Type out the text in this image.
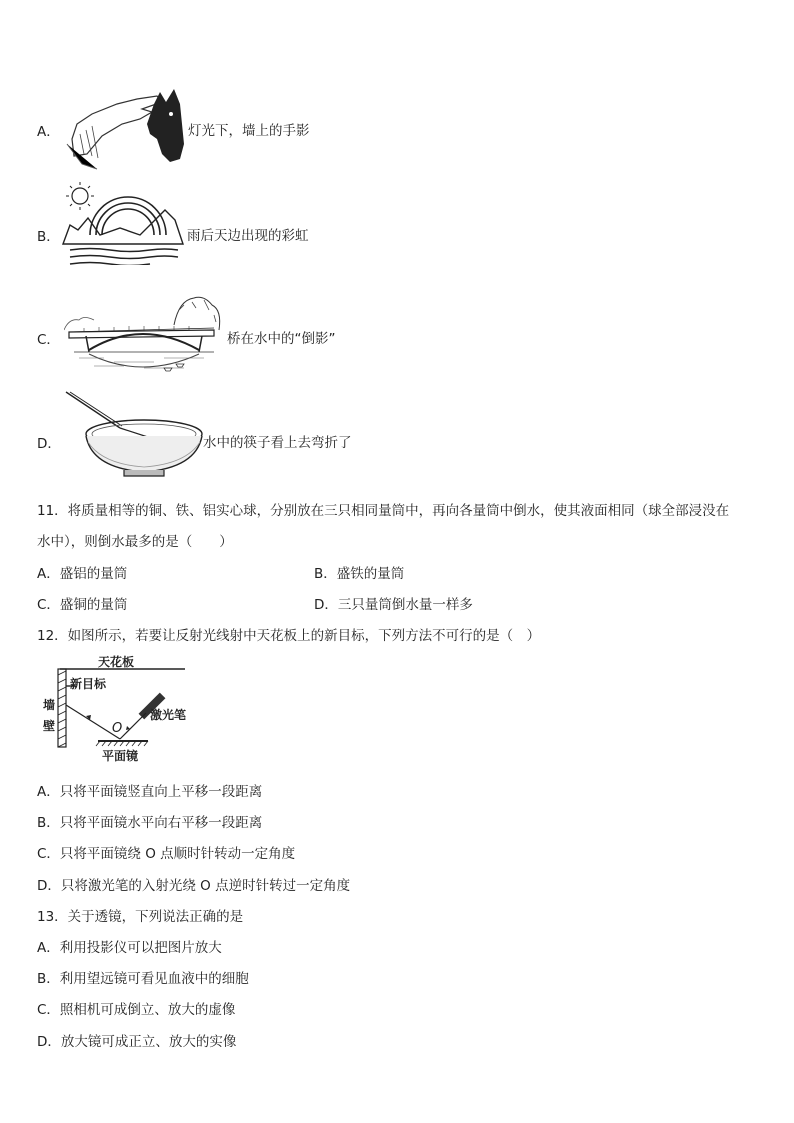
A．	灯光下，墙上的手影
B．	雨后天边出现的彩虹
C．	桥在水中的“倒影”
D．	水中的筷子看上去弯折了
11．将质量相等的铜、铁、铝实心球，分别放在三只相同量筒中，再向各量筒中倒水，使其液面相同（球全部浸没在
水中），则倒水最多的是（　　）
A．盛铝的量筒	B．盛铁的量筒
C．盛铜的量筒	D．三只量筒倒水量一样多
12．如图所示，若要让反射光线射中天花板上的新目标，下列方法不可行的是（　）
天花板
新目标
墙
壁
激光笔
O
平面镜
A．只将平面镜竖直向上平移一段距离
B．只将平面镜水平向右平移一段距离
C．只将平面镜绕 O 点顺时针转动一定角度
D．只将激光笔的入射光绕 O 点逆时针转过一定角度
13．关于透镜，下列说法正确的是
A．利用投影仪可以把图片放大
B．利用望远镜可看见血液中的细胞
C．照相机可成倒立、放大的虚像
D．放大镜可成正立、放大的实像
